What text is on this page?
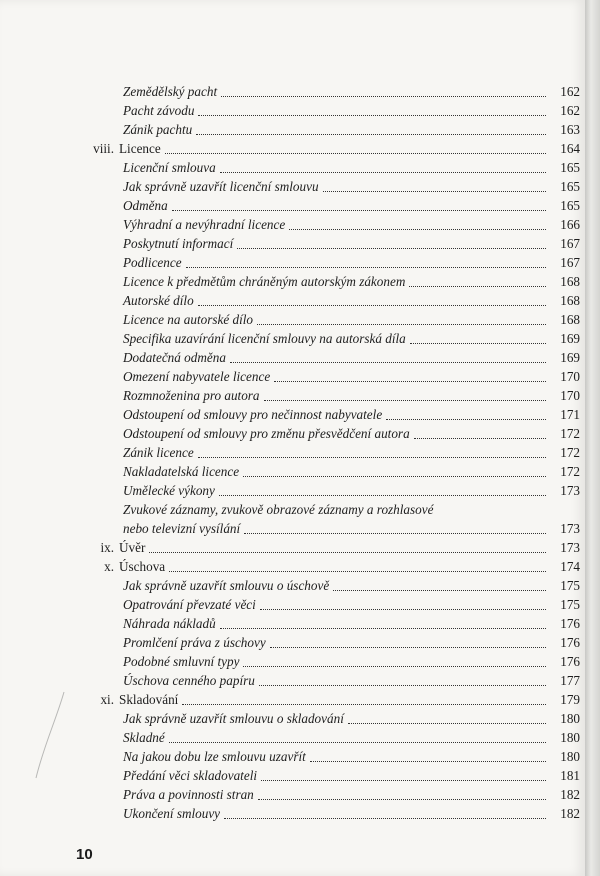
Zemědělský pacht	162
Pacht závodu	162
Zánik pachtu	163
viii. Licence	164
Licenční smlouva	165
Jak správně uzavřít licenční smlouvu	165
Odměna	165
Výhradní a nevýhradní licence	166
Poskytnutí informací	167
Podlicence	167
Licence k předmětům chráněným autorským zákonem	168
Autorské dílo	168
Licence na autorské dílo	168
Specifika uzavírání licenční smlouvy na autorská díla	169
Dodatečná odměna	169
Omezení nabyvatele licence	170
Rozmnoženina pro autora	170
Odstoupení od smlouvy pro nečinnost nabyvatele	171
Odstoupení od smlouvy pro změnu přesvědčení autora	172
Zánik licence	172
Nakladatelská licence	172
Umělecké výkony	173
Zvukové záznamy, zvukově obrazové záznamy a rozhlasové
nebo televizní vysílání	173
ix. Úvěr	173
x. Úschova	174
Jak správně uzavřít smlouvu o úschově	175
Opatrování převzaté věci	175
Náhrada nákladů	176
Promlčení práva z úschovy	176
Podobné smluvní typy	176
Úschova cenného papíru	177
xi. Skladování	179
Jak správně uzavřít smlouvu o skladování	180
Skladné	180
Na jakou dobu lze smlouvu uzavřít	180
Předání věci skladovateli	181
Práva a povinnosti stran	182
Ukončení smlouvy	182
10
